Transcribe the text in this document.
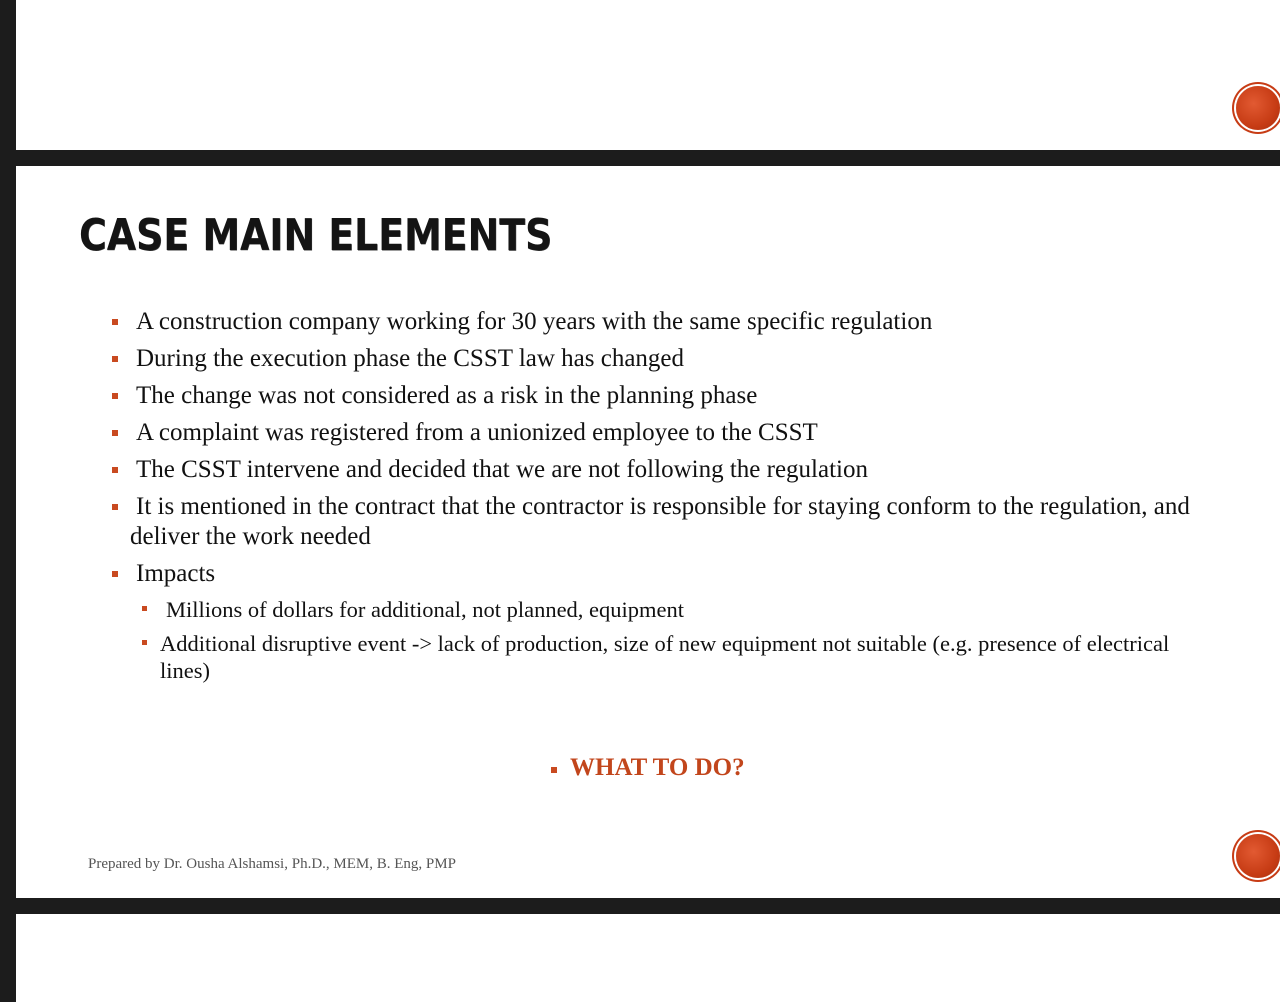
CASE MAIN ELEMENTS
A construction company working for 30 years with the same specific regulation
During the execution phase the CSST law has changed
The change was not considered as a risk in the planning phase
A complaint was registered from a unionized employee to the CSST
The CSST intervene and decided that we are not following the regulation
It is mentioned in the contract that the contractor is responsible for staying conform to the regulation, and deliver the work needed
Impacts
Millions of dollars for additional, not planned, equipment
Additional disruptive event -> lack of production, size of new equipment not suitable (e.g. presence of electrical lines)
WHAT TO DO?
Prepared by Dr. Ousha Alshamsi, Ph.D., MEM, B. Eng, PMP
